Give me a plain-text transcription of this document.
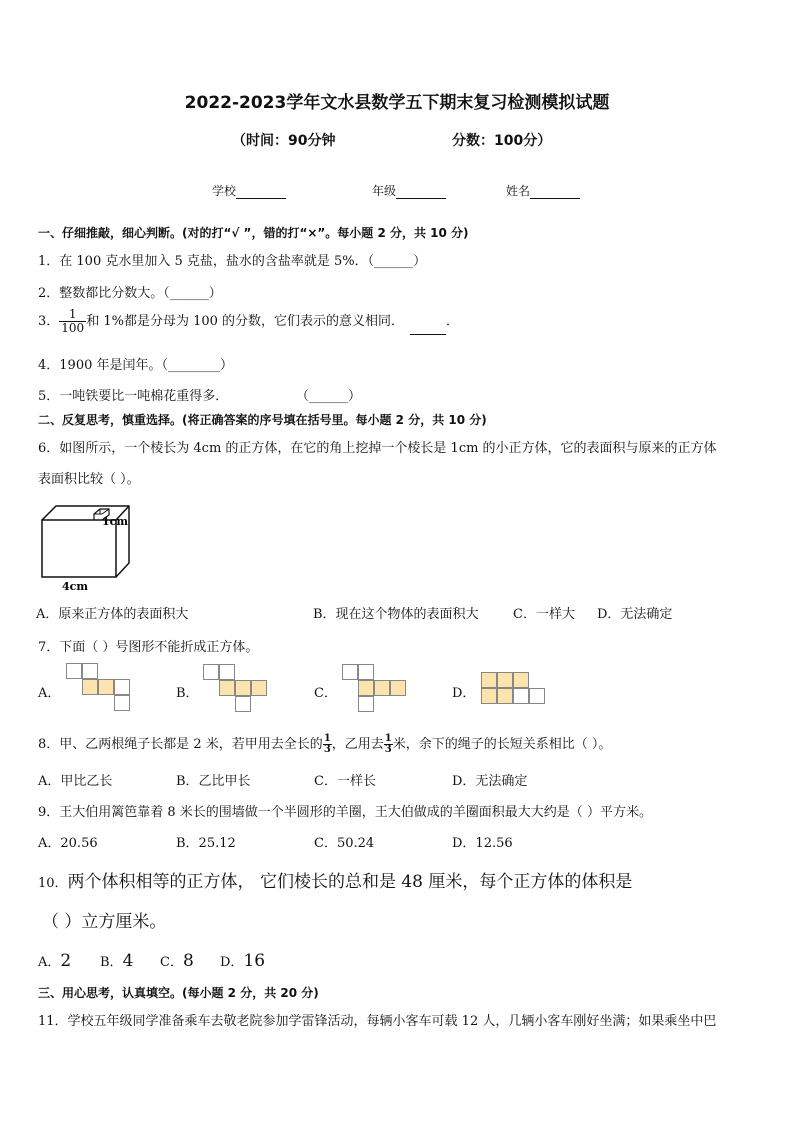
2022-2023学年文水县数学五下期末复习检测模拟试题
（时间：90分钟	分数：100分）
学校	年级	姓名
一、仔细推敲，细心判断。(对的打“√ ”，错的打“×”。每小题 2 分，共 10 分)
1．在 100 克水里加入 5 克盐，盐水的含盐率就是 5%．（______）
2．整数都比分数大。（______）
3． $\frac{1}{100}$ 和 1%都是分母为 100 的分数，它们表示的意义相同．	．
4．1900 年是闰年。（________）
5．一吨铁要比一吨棉花重得多．	（______）
二、反复思考，慎重选择。(将正确答案的序号填在括号里。每小题 2 分，共 10 分)
6．如图所示，一个棱长为 4cm 的正方体，在它的角上挖掉一个棱长是 1cm 的小正方体，它的表面积与原来的正方体
表面积比较（ ）。
1cm
4cm
A．原来正方体的表面积大	B．现在这个物体的表面积大	C．一样大 D．无法确定
7．下面（ ）号图形不能折成正方体。
A．	B．	C．	D．
8．甲、乙两根绳子长都是 2 米，若甲用去全长的 $\frac{1}{3}$ ，乙用去 $\frac{1}{3}$ 米，余下的绳子的长短关系相比（ ）。
A．甲比乙长	B．乙比甲长	C．一样长	D．无法确定
9．王大伯用篱笆靠着 8 米长的围墙做一个半圆形的羊圈，王大伯做成的羊圈面积最大大约是（ ）平方米。
A．20.56	B．25.12	C．50.24	D．12.56
10．两个体积相等的正方体， 它们棱长的总和是 48 厘米，每个正方体的体积是
（ ）立方厘米。
A．2 B．4 C．8 D．16
三、用心思考，认真填空。(每小题 2 分，共 20 分)
11．学校五年级同学准备乘车去敬老院参加学雷锋活动，每辆小客车可载 12 人，几辆小客车刚好坐满；如果乘坐中巴
